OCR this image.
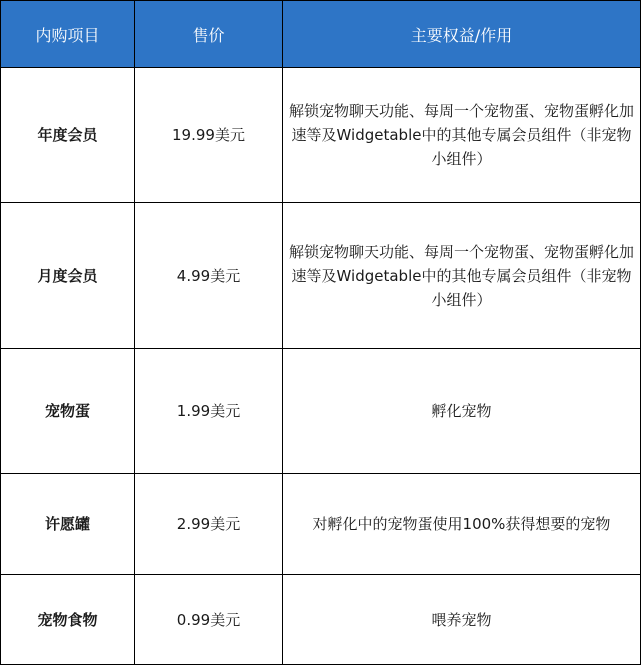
内购项目	售价	主要权益/作用
年度会员	19.99美元	解锁宠物聊天功能、每周一个宠物蛋、宠物蛋孵化加速等及Widgetable中的其他专属会员组件（非宠物小组件）
月度会员	4.99美元	解锁宠物聊天功能、每周一个宠物蛋、宠物蛋孵化加速等及Widgetable中的其他专属会员组件（非宠物小组件）
宠物蛋	1.99美元	孵化宠物
许愿罐	2.99美元	对孵化中的宠物蛋使用100%获得想要的宠物
宠物食物	0.99美元	喂养宠物
